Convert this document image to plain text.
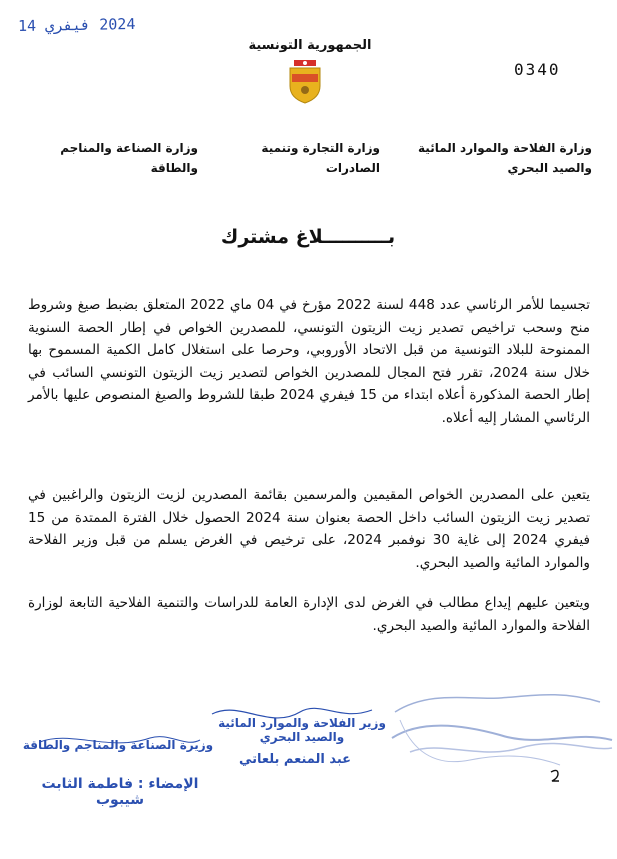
2024 فيفري 14
الجمهورية التونسية
0340
وزارة الفلاحة والموارد المائية
والصيد البحري
وزارة التجارة وتنمية الصادرات
وزارة الصناعة والمناجم والطاقة
بــــــــــلاغ مشترك

تجسيما للأمر الرئاسي عدد 448 لسنة 2022 مؤرخ في 04 ماي 2022 المتعلق بضبط صيغ وشروط منح وسحب تراخيص تصدير زيت الزيتون التونسي، للمصدرين الخواص في إطار الحصة السنوية الممنوحة للبلاد التونسية من قبل الاتحاد الأوروبي، وحرصا على استغلال كامل الكمية المسموح بها خلال سنة 2024، تقرر فتح المجال للمصدرين الخواص لتصدير زيت الزيتون التونسي السائب في إطار الحصة المذكورة أعلاه ابتداء من 15 فيفري 2024 طبقا للشروط والصيغ المنصوص عليها بالأمر الرئاسي المشار إليه أعلاه.

يتعين على المصدرين الخواص المقيمين والمرسمين بقائمة المصدرين لزيت الزيتون والراغبين في تصدير زيت الزيتون السائب داخل الحصة بعنوان سنة 2024 الحصول خلال الفترة الممتدة من 15 فيفري 2024 إلى غاية 30 نوفمبر 2024، على ترخيص في الغرض يسلم من قبل وزير الفلاحة والموارد المائية والصيد البحري.

ويتعين عليهم إيداع مطالب في الغرض لدى الإدارة العامة للدراسات والتنمية الفلاحية التابعة لوزارة الفلاحة والموارد المائية والصيد البحري.

وزير الفلاحة والموارد المائية
والصيد البحري
عبد المنعم بلعاتي
وزيرة الصناعة والمناجم والطاقة
الإمضاء : فاطمة الثابت شيبوب
